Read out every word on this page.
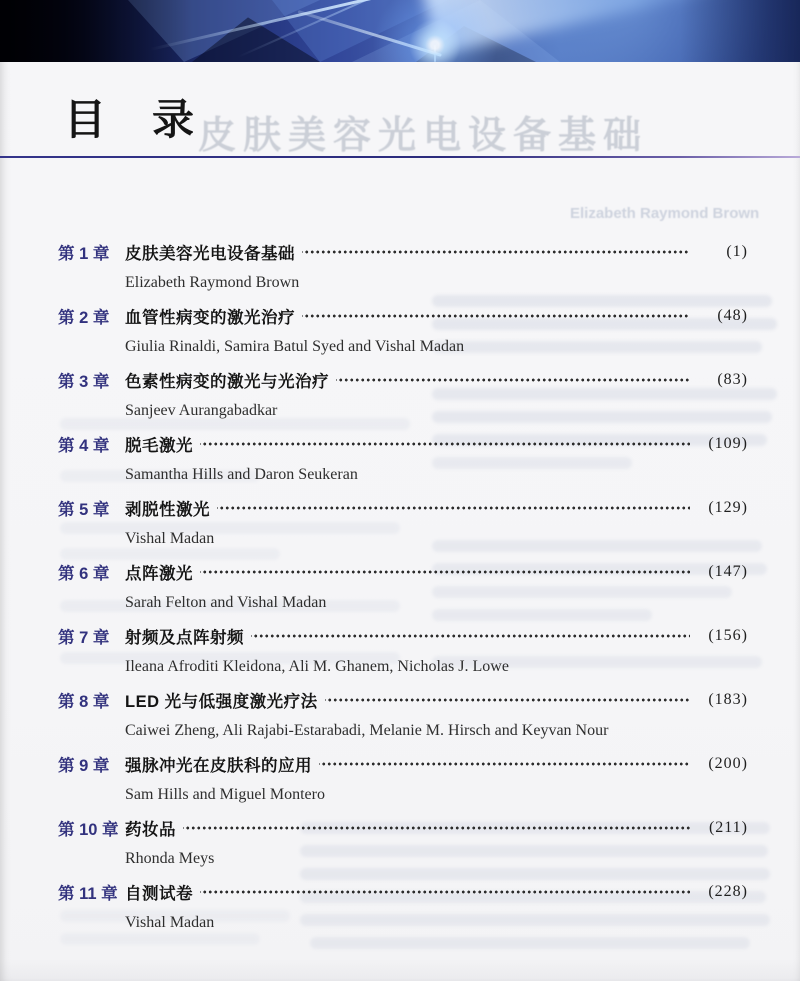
皮肤美容光电设备基础
目　录
Elizabeth Raymond Brown
第 1 章 皮肤美容光电设备基础	(1)
Elizabeth Raymond Brown
第 2 章 血管性病变的激光治疗	(48)
Giulia Rinaldi, Samira Batul Syed and Vishal Madan
第 3 章 色素性病变的激光与光治疗	(83)
Sanjeev Aurangabadkar
第 4 章 脱毛激光	(109)
Samantha Hills and Daron Seukeran
第 5 章 剥脱性激光	(129)
Vishal Madan
第 6 章 点阵激光	(147)
Sarah Felton and Vishal Madan
第 7 章 射频及点阵射频	(156)
Ileana Afroditi Kleidona, Ali M. Ghanem, Nicholas J. Lowe
第 8 章 LED 光与低强度激光疗法	(183)
Caiwei Zheng, Ali Rajabi-Estarabadi, Melanie M. Hirsch and Keyvan Nour
第 9 章 强脉冲光在皮肤科的应用	(200)
Sam Hills and Miguel Montero
第 10 章 药妆品	(211)
Rhonda Meys
第 11 章 自测试卷	(228)
Vishal Madan
